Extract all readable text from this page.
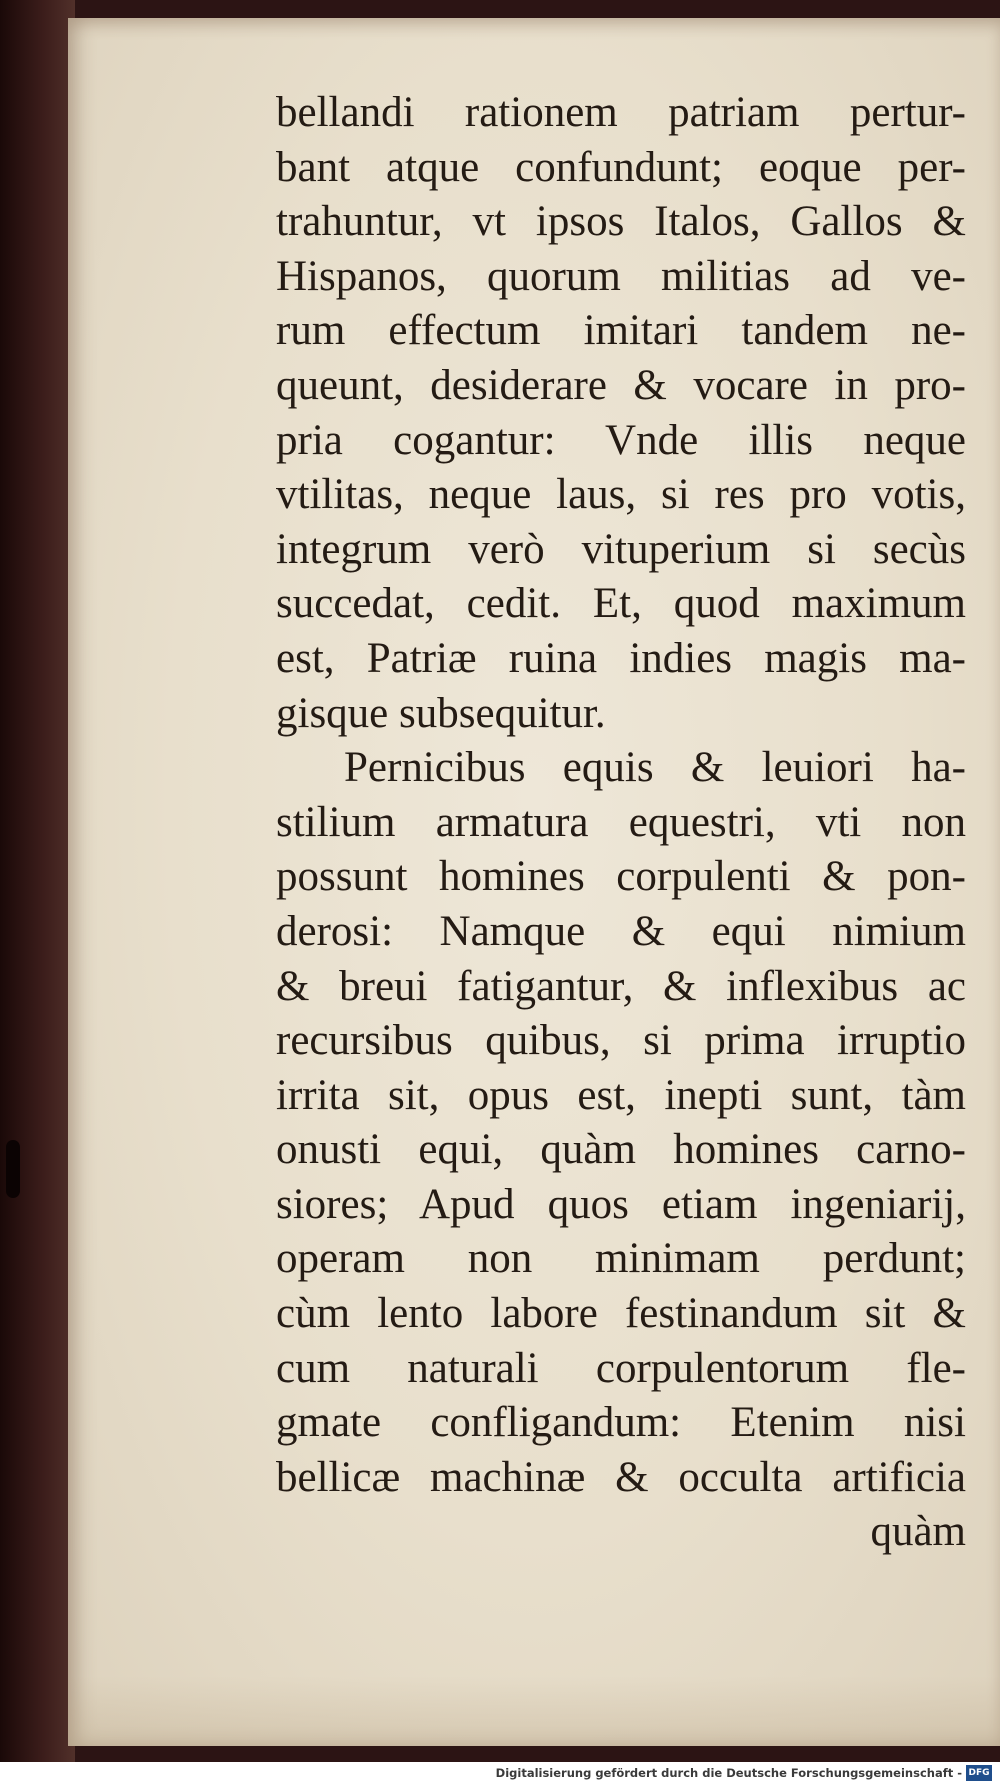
bellandi rationem patriam pertur-
bant atque confundunt; eoque per-
trahuntur, vt ipsos Italos, Gallos &
Hispanos, quorum militias ad ve-
rum effectum imitari tandem ne-
queunt, desiderare & vocare in pro-
pria cogantur: Vnde illis neque
vtilitas, neque laus, si res pro votis,
integrum verò vituperium si secùs
succedat, cedit. Et, quod maximum
est, Patriæ ruina indies magis ma-
gisque subsequitur.
Pernicibus equis & leuiori ha-
stilium armatura equestri, vti non
possunt homines corpulenti & pon-
derosi: Namque & equi nimium
& breui fatigantur, & inflexibus ac
recursibus quibus, si prima irruptio
irrita sit, opus est, inepti sunt, tàm
onusti equi, quàm homines carno-
siores; Apud quos etiam ingeniarij,
operam non minimam perdunt;
cùm lento labore festinandum sit &
cum naturali corpulentorum fle-
gmate confligandum: Etenim nisi
bellicæ machinæ & occulta artificia
quàm
Digitalisierung gefördert durch die Deutsche Forschungsgemeinschaft - DFG
